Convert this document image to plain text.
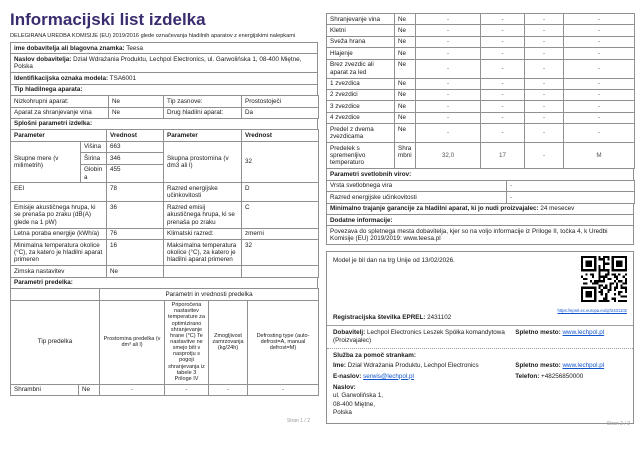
Informacijski list izdelka
DELEGIRANA UREDBA KOMISIJE (EU) 2019/2016 glede označevanja hladilnih aparatov z energijskimi nalepkami
ime dobavitelja ali blagovna znamka: Teesa
Naslov dobavitelja: Dział Wdrażania Produktu, Lechpol Electronics, ul. Garwolińska 1, 08-400 Miętne, Polska
Identifikacijska oznaka modela: TSA6001
Tip hladilnega aparata:
Nizkohrupni aparat:	Ne	Tip zasnove:	Prostostoječi
Aparat za shranjevanje vina	Ne	Drug hladilni aparat:	Da
Splošni parametri izdelka:
Parameter		Vrednost	Parameter	Vrednost
Skupne mere (v milimetrih)	Višina	663	Skupna prostornina (v dm3 ali l)	32
	Širina	346		
	Globina	455		
EEI		78	Razred energijske učinkovitosti	D
Emisije akustičnega hrupa, ki se prenaša po zraku (dB(A) glede na 1 pW)		36	Razred emisij akustičnega hrupa, ki se prenaša po zraku	C
Letna poraba energije (kWh/a)		76	Klimatski razred:	zmerni
Minimalna temperatura okolice (°C), za katero je hladilni aparat primeren		16	Maksimalna temperatura okolice (°C), za katero je hladilni aparat primeren	32
Zimska nastavitev		Ne		
Parametri predelka:
		Parametri in vrednosti predelka			
Tip predelka		Prostornina predelka (v dm³ ali l)	Priporočena nastavitev temperature za optimizirano shranjevanje hrane (°C) Te nastavitve ne smejo biti v nasprotju s pogoji shranjevanja iz tabele 3 Priloge IV	Zmogljivost zamrzovanja (kg/24h)	Defrosting type (auto-defrost=A, manual defrost=M)
Shrambni	Ne	-	-	-	-
Stran 1 / 2
Shranjevanje vina	Ne	-	-	-	-
Kletni	Ne	-	-	-	-
Sveža hrana	Ne	-	-	-	-
Hlajenje	Ne	-	-	-	-
Brez zvezdic ali aparat za led	Ne	-	-	-	-
1 zvezdica	Ne	-	-	-	-
2 zvezdici	Ne	-	-	-	-
3 zvezdice	Ne	-	-	-	-
4 zvezdice	Ne	-	-	-	-
Predel z dvema zvezdicama	Ne	-	-	-	-
Predelek s spremenljivo temperaturo	Shrambni	32,0	17	-	M
Parametri svetlobnih virov:
Vrsta svetlobnega vira	-
Razred energijske učinkovitosti	-
Minimalno trajanje garancije za hladilni aparat, ki jo nudi proizvajalec: 24 mesecev
Dodatne informacije:
Povezava do spletnega mesta dobavitelja, kjer so na voljo informacije iz Priloge II, točka 4, k Uredbi Komisije (EU) 2019/2019: www.teesa.pl
https://eprel.ec.europa.eu/qr/2431102
Model je bil dan na trg Unije od 13/02/2026.
Registracijska številka EPREL: 2431102
Dobavitelj: Lechpol Electronics Leszek Spółka komandytowa (Proizvajalec)
Spletno mesto: www.lechpol.pl
Služba za pomoč strankam:
Ime: Dział Wdrażania Produktu, Lechpol Electronics	Spletno mesto: www.lechpol.pl
E-naslov: serwis@lechpol.pl	Telefon: +48256850000
Naslov:
ul. Garwolińska 1,
08-400 Miętne,
Polska
Stran 2 / 2
